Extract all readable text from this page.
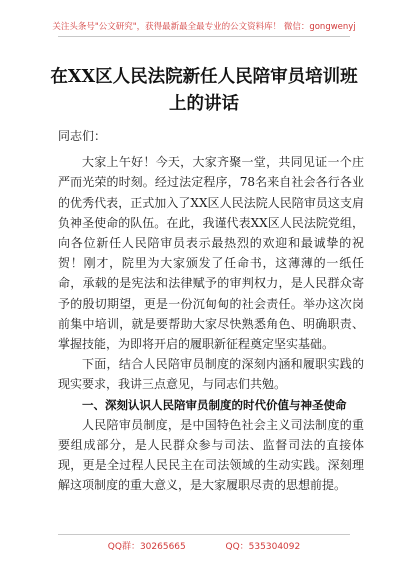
关注头条号"公文研究"，获得最新最全最专业的公文资料库！ 微信：gongwenyj
在XX区人民法院新任人民陪审员培训班上的讲话

同志们：

大家上午好！今天，大家齐聚一堂，共同见证一个庄严而光荣的时刻。经过法定程序，78名来自社会各行各业的优秀代表，正式加入了XX区人民法院人民陪审员这支肩负神圣使命的队伍。在此，我谨代表XX区人民法院党组，向各位新任人民陪审员表示最热烈的欢迎和最诚挚的祝贺！刚才，院里为大家颁发了任命书，这薄薄的一纸任命，承载的是宪法和法律赋予的审判权力，是人民群众寄予的殷切期望，更是一份沉甸甸的社会责任。举办这次岗前集中培训，就是要帮助大家尽快熟悉角色、明确职责、掌握技能，为即将开启的履职新征程奠定坚实基础。

下面，结合人民陪审员制度的深刻内涵和履职实践的现实要求，我讲三点意见，与同志们共勉。

一、深刻认识人民陪审员制度的时代价值与神圣使命

人民陪审员制度，是中国特色社会主义司法制度的重要组成部分，是人民群众参与司法、监督司法的直接体现，更是全过程人民民主在司法领域的生动实践。深刻理解这项制度的重大意义，是大家履职尽责的思想前提。

QQ群：30265665	QQ：535304092
